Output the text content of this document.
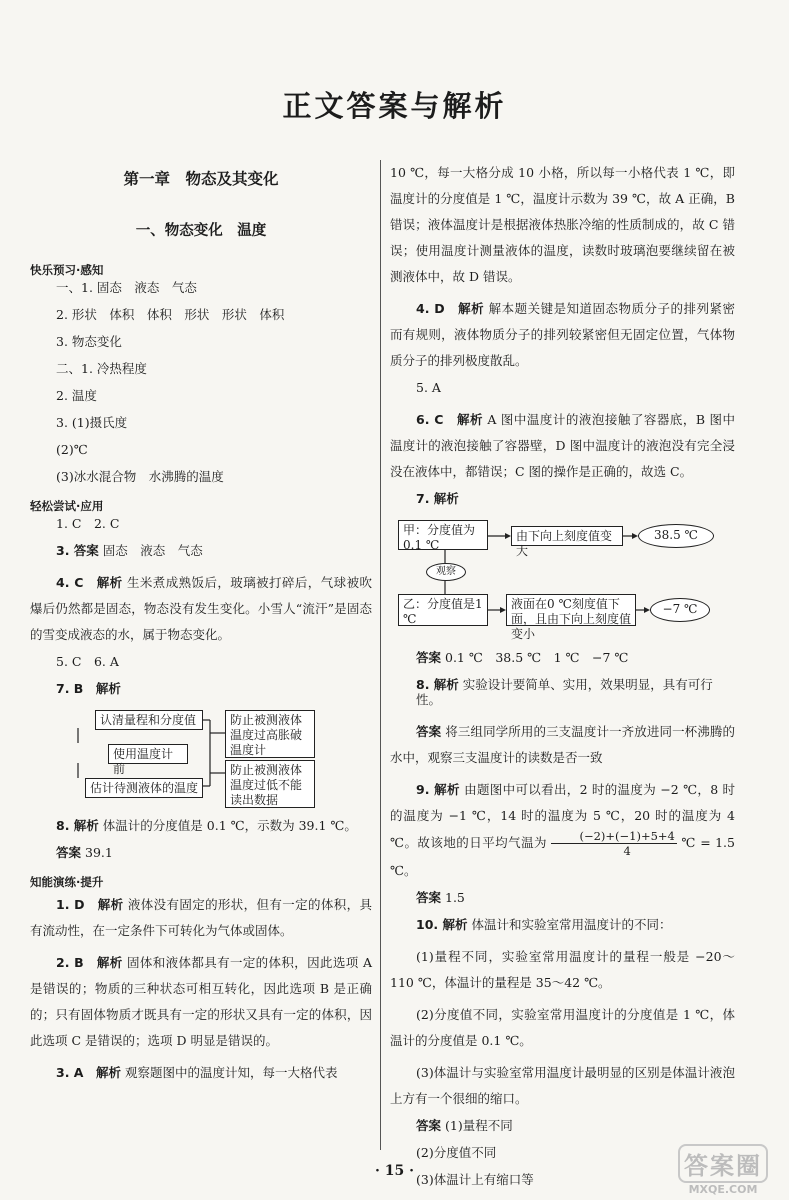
正文答案与解析
第一章　物态及其变化
一、物态变化　温度
快乐预习·感知
一、1. 固态　液态　气态
2. 形状　体积　体积　形状　形状　体积
3. 物态变化
二、1. 冷热程度
2. 温度
3. (1)摄氏度
(2)℃
(3)冰水混合物　水沸腾的温度
轻松尝试·应用
1. C　2. C
3. 答案 固态　液态　气态
4. C　解析 生米煮成熟饭后，玻璃被打碎后，气球被吹爆后仍然都是固态，物态没有发生变化。小雪人“流汗”是固态的雪变成液态的水，属于物态变化。
5. C　6. A
7. B　解析
认清量程和分度值
使用温度计前
估计待测液体的温度
防止被测液体温度过高胀破温度计
防止被测液体温度过低不能读出数据
8. 解析 体温计的分度值是 0.1 ℃，示数为 39.1 ℃。
答案 39.1
知能演练·提升
1. D　解析 液体没有固定的形状，但有一定的体积，具有流动性，在一定条件下可转化为气体或固体。
2. B　解析 固体和液体都具有一定的体积，因此选项 A 是错误的；物质的三种状态可相互转化，因此选项 B 是正确的；只有固体物质才既具有一定的形状又具有一定的体积，因此选项 C 是错误的；选项 D 明显是错误的。
3. A　解析 观察题图中的温度计知，每一大格代表
10 ℃，每一大格分成 10 小格，所以每一小格代表 1 ℃，即温度计的分度值是 1 ℃，温度计示数为 39 ℃，故 A 正确，B 错误；液体温度计是根据液体热胀冷缩的性质制成的，故 C 错误；使用温度计测量液体的温度，读数时玻璃泡要继续留在被测液体中，故 D 错误。
4. D　解析 解本题关键是知道固态物质分子的排列紧密而有规则，液体物质分子的排列较紧密但无固定位置，气体物质分子的排列极度散乱。
5. A
6. C　解析 A 图中温度计的液泡接触了容器底，B 图中温度计的液泡接触了容器壁，D 图中温度计的液泡没有完全浸没在液体中，都错误；C 图的操作是正确的，故选 C。
7. 解析
甲：分度值为0.1 ℃
由下向上刻度值变大
38.5 ℃
观察
乙：分度值是1 ℃
液面在0 ℃刻度值下面，且由下向上刻度值变小
−7 ℃
答案 0.1 ℃　38.5 ℃　1 ℃　−7 ℃
8. 解析 实验设计要简单、实用，效果明显，具有可行性。
答案 将三组同学所用的三支温度计一齐放进同一杯沸腾的水中，观察三支温度计的读数是否一致
9. 解析 由题图中可以看出，2 时的温度为 −2 ℃，8 时的温度为 −1 ℃，14 时的温度为 5 ℃，20 时的温度为 4 ℃。故该地的日平均气温为 $\frac{(-2)+(-1)+5+4}{4}$ ℃ = 1.5 ℃。
答案 1.5
10. 解析 体温计和实验室常用温度计的不同：
(1)量程不同，实验室常用温度计的量程一般是 −20～110 ℃，体温计的量程是 35～42 ℃。
(2)分度值不同，实验室常用温度计的分度值是 1 ℃，体温计的分度值是 0.1 ℃。
(3)体温计与实验室常用温度计最明显的区别是体温计液泡上方有一个很细的缩口。
答案 (1)量程不同
(2)分度值不同
(3)体温计上有缩口等
· 15 ·	答案圈
MXQE.COM
